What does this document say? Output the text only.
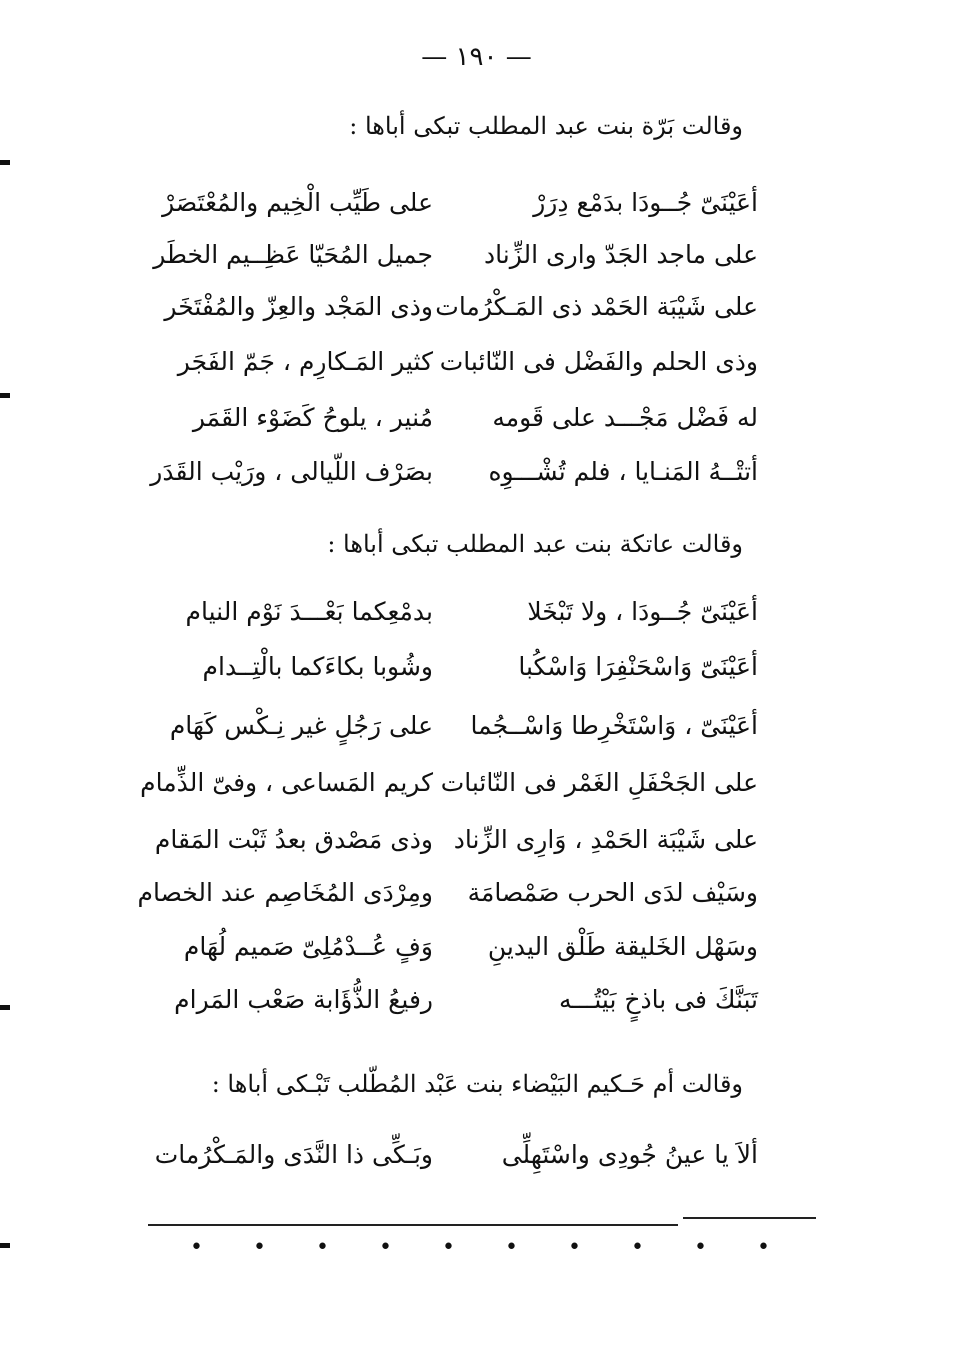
— ١٩٠ —
وقالت بَرّة بنت عبد المطلب تبكى أباها :
أعَيْنَىّ جُــودَا بدَمْع دِرَرْ
على طَيِّب الْخِيم والمُعْتَصَرْ
على ماجد الجَدّ وارى الزِّناد
جميل المُحَيّا عَظِــيم الخطَر
على شَيْبَة الحَمْد ذى المَـكْرُمات
وذى المَجْد والعِزّ والمُفْتَخَر
وذى الحلم والفَضْل فى النّائبات
كثير المَـكارِم ، جَمّ الفَجَر
له فَضْل مَجْـــد على قَومه
مُنير ، يلوحُ كَضَوْء القَمَر
أتتْــهُ المَنـايا ، فلم تُشْـــوِه
بصَرْف اللّيالى ، ورَيْب القَدَر
وقالت عاتكة بنت عبد المطلب تبكى أباها :
أعَيْنَىّ جُــودَا ، ولا تَبْخَلا
بدمْعِكما بَعْـــدَ نَوْم النيام
أعَيْنَىّ وَاسْحَنْفِرَا وَاسْكُبا
وشُوبا بكاءَكما بالْتِــدام
أعَيْنَىّ ، وَاسْتَخْرِطا وَاسْــجُما
على رَجُلٍ غير نِـكْس كَهَام
على الجَحْفَلِ الغَمْر فى النّائبات
كريم المَساعى ، وفىّ الذِّمام
على شَيْبَة الحَمْدِ ، وَارِى الزِّناد
وذى مَصْدق بعدُ ثَبْت المَقام
وسَيْف لدَى الحرب صَمْصامَة
ومِرْدَى المُخَاصِم عند الخصام
وسَهْل الخَليقة طَلْق اليدينِ
وَفٍ عُــدْمُلِىّ صَميم لُهَام
تَبَنَّكَ فى باذخٍ بَيْتُـــه
رفيعُ الذُّؤَابة صَعْب المَرام
وقالت أم حَـكيم البَيْضاء بنت عَبْد المُطّلب تَبْـكى أباها :
ألاَ يا عينُ جُودِى واسْتَهِلِّى
وبَـكِّى ذا النَّدَى والمَـكْرُمات
• • • • • • • • • •
